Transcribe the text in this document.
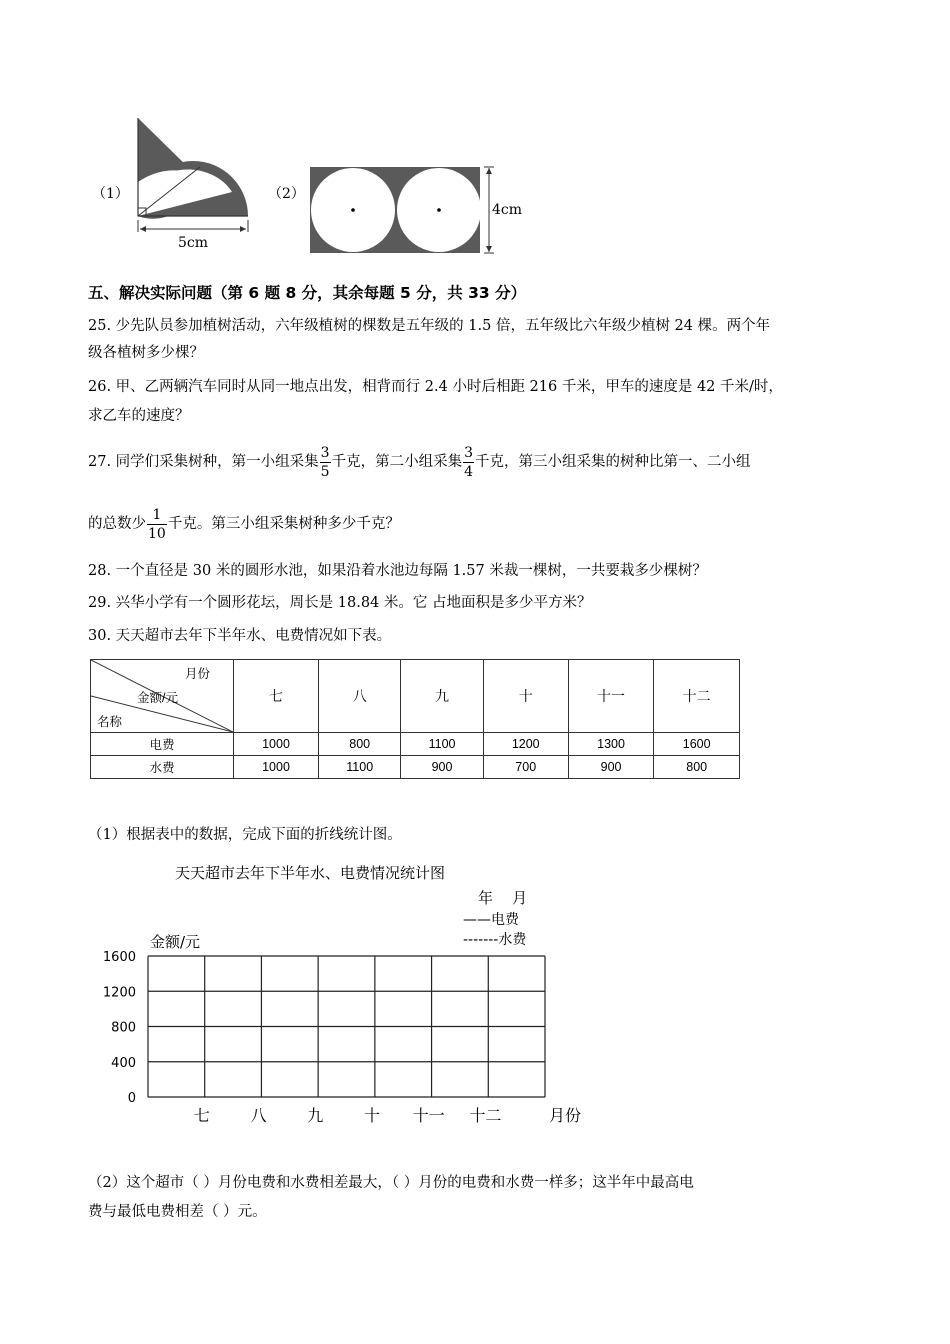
（1）
5cm
（2）
4cm
五、解决实际问题（第 6 题 8 分，其余每题 5 分，共 33 分）
25. 少先队员参加植树活动，六年级植树的棵数是五年级的 1.5 倍，五年级比六年级少植树 24 棵。两个年
级各植树多少棵？
26. 甲、乙两辆汽车同时从同一地点出发，相背而行 2.4 小时后相距 216 千米，甲车的速度是 42 千米/时，
求乙车的速度？
27. 同学们采集树种，第一小组采集 $\frac{3}{5}$ 千克，第二小组采集 $\frac{3}{4}$ 千克，第三小组采集的树种比第一、二小组
的总数少 $\frac{1}{10}$ 千克。第三小组采集树种多少千克？
28. 一个直径是 30 米的圆形水池，如果沿着水池边每隔 1.57 米裁一棵树，一共要栽多少棵树？
29. 兴华小学有一个圆形花坛，周长是 18.84 米。它 占地面积是多少平方米？
30. 天天超市去年下半年水、电费情况如下表。
月份
金额/元
名称	七	八	九	十	十一	十二
电费	1000	800	1100	1200	1300	1600
水费	1000	1100	900	700	900	800
（1）根据表中的数据，完成下面的折线统计图。
天天超市去年下半年水、电费情况统计图
年    月
——电费
-------水费
金额/元
1600
1200
800
400
0
七	八	九	十 十一 十二	月份
（2）这个超市（ ）月份电费和水费相差最大，（ ）月份的电费和水费一样多；这半年中最高电
费与最低电费相差（ ）元。
